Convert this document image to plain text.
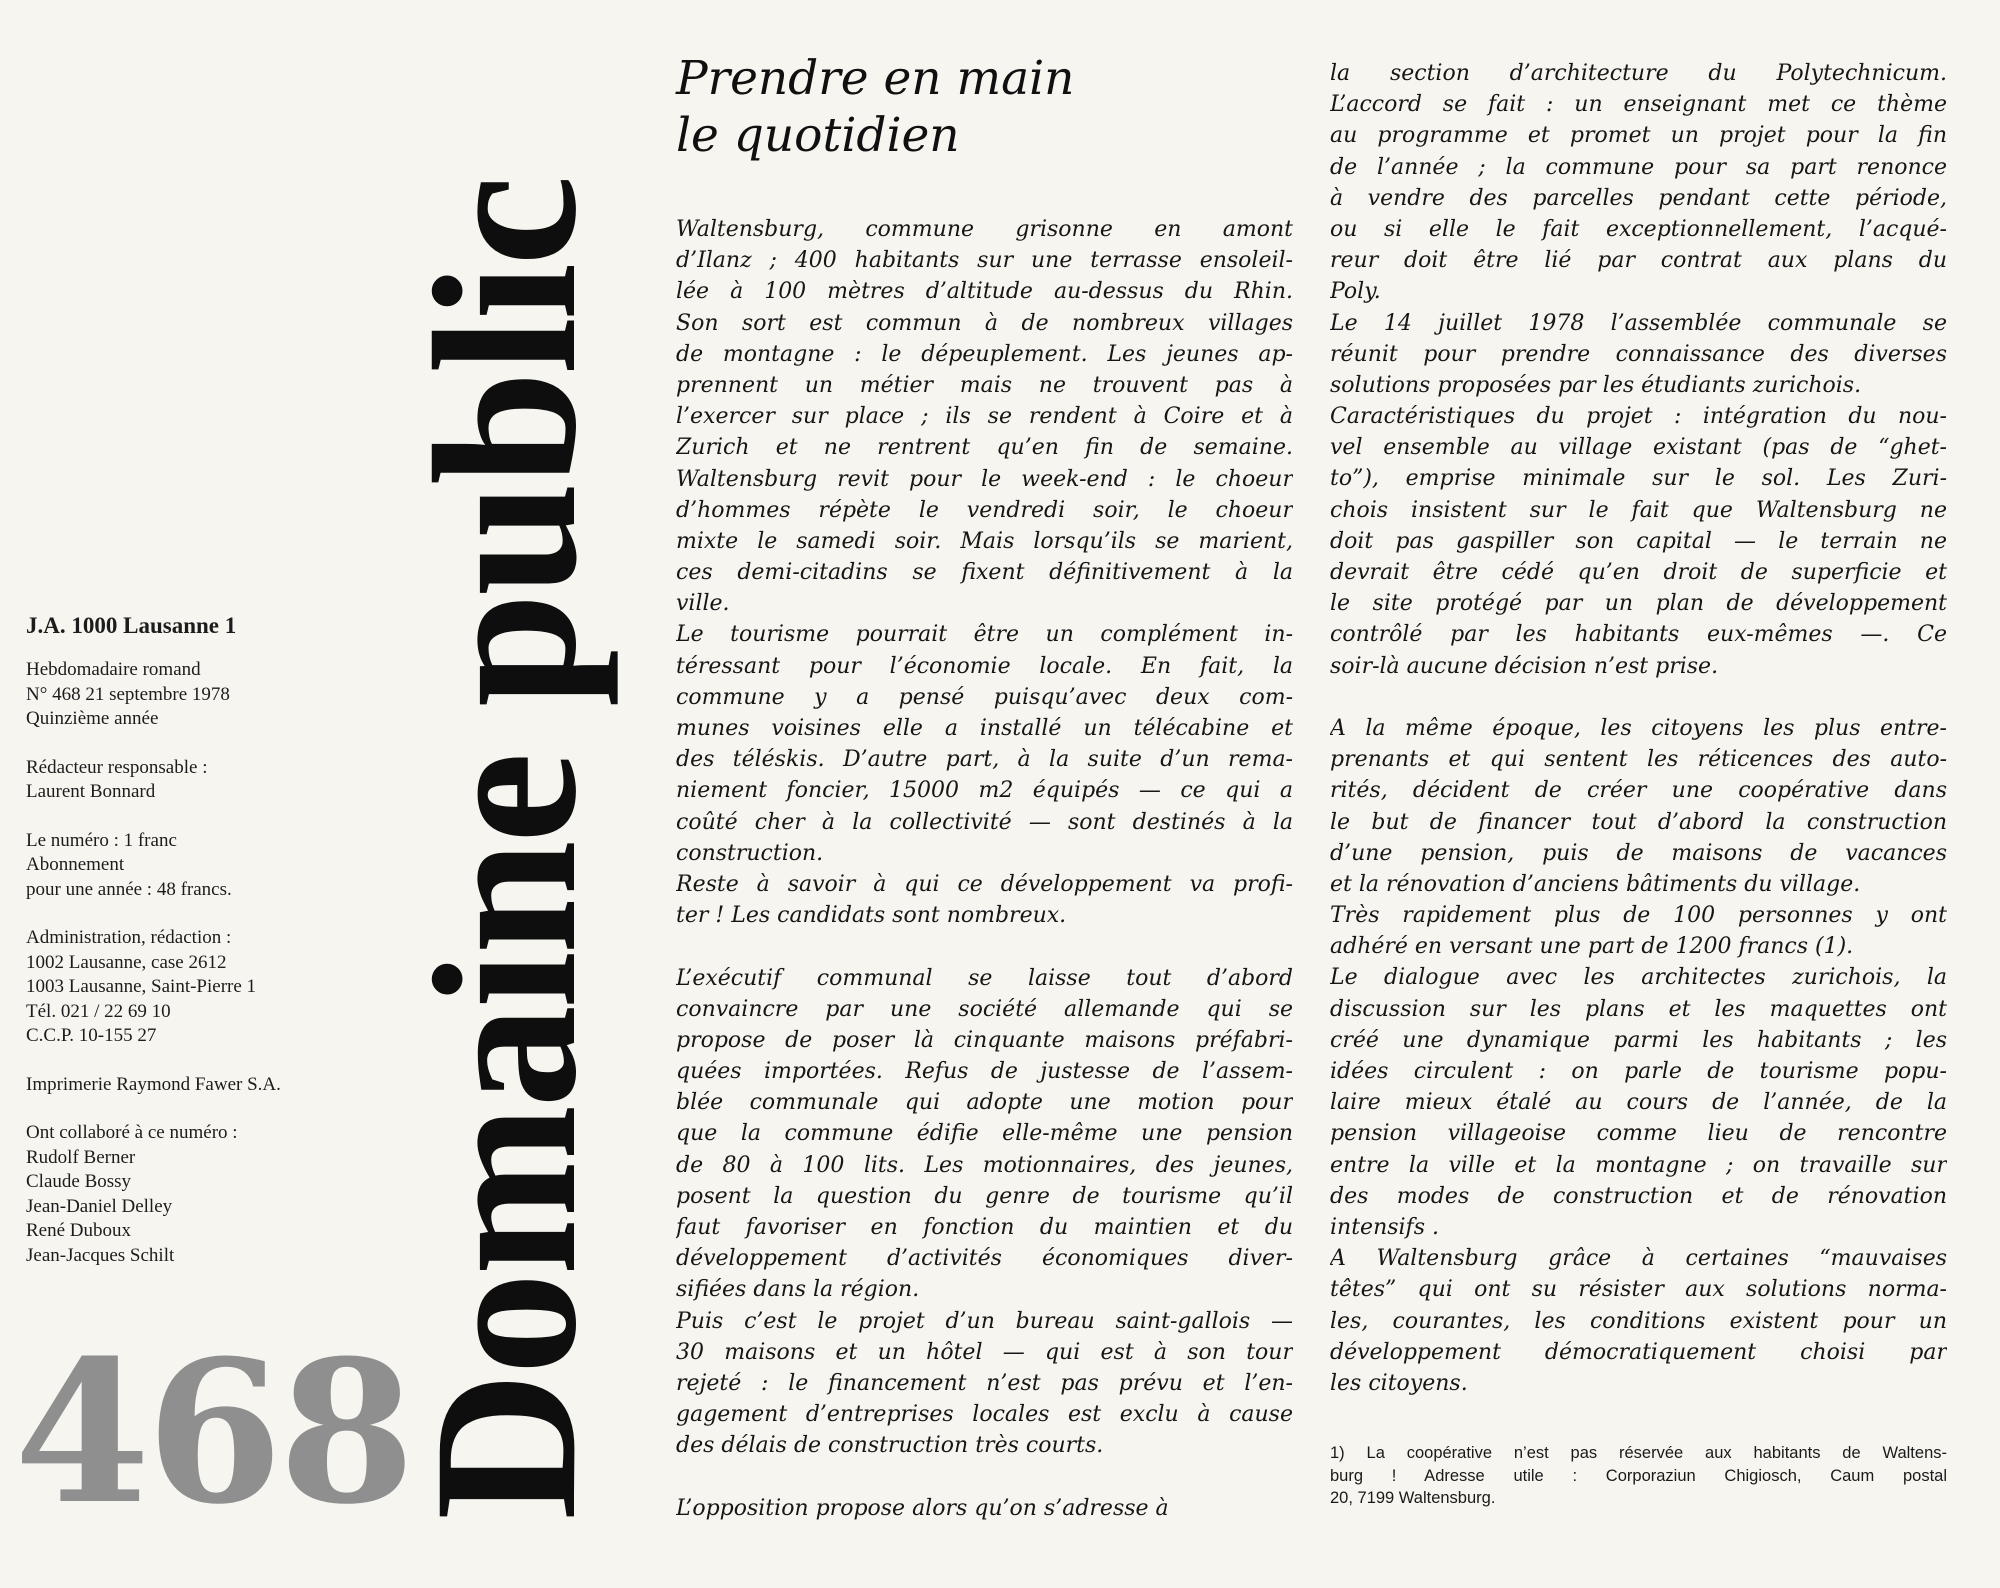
J.A. 1000 Lausanne 1
Hebdomadaire romand
N° 468 21 septembre 1978
Quinzième année
Rédacteur responsable :
Laurent Bonnard
Le numéro : 1 franc
Abonnement
pour une année : 48 francs.
Administration, rédaction :
1002 Lausanne, case 2612
1003 Lausanne, Saint-Pierre 1
Tél. 021 / 22 69 10
C.C.P. 10-155 27
Imprimerie Raymond Fawer S.A.
Ont collaboré à ce numéro :
Rudolf Berner
Claude Bossy
Jean-Daniel Delley
René Duboux
Jean-Jacques Schilt
468
Domaine public
Prendre en main
le quotidien
Waltensburg, commune grisonne en amont
d’Ilanz ; 400 habitants sur une terrasse ensoleil-
lée à 100 mètres d’altitude au-dessus du Rhin.
Son sort est commun à de nombreux villages
de montagne : le dépeuplement. Les jeunes ap-
prennent un métier mais ne trouvent pas à
l’exercer sur place ; ils se rendent à Coire et à
Zurich et ne rentrent qu’en fin de semaine.
Waltensburg revit pour le week-end : le choeur
d’hommes répète le vendredi soir, le choeur
mixte le samedi soir. Mais lorsqu’ils se marient,
ces demi-citadins se fixent définitivement à la
ville.
Le tourisme pourrait être un complément in-
téressant pour l’économie locale. En fait, la
commune y a pensé puisqu’avec deux com-
munes voisines elle a installé un télécabine et
des téléskis. D’autre part, à la suite d’un rema-
niement foncier, 15000 m2 équipés — ce qui a
coûté cher à la collectivité — sont destinés à la
construction.
Reste à savoir à qui ce développement va profi-
ter ! Les candidats sont nombreux.
L’exécutif communal se laisse tout d’abord
convaincre par une société allemande qui se
propose de poser là cinquante maisons préfabri-
quées importées. Refus de justesse de l’assem-
blée communale qui adopte une motion pour
que la commune édifie elle-même une pension
de 80 à 100 lits. Les motionnaires, des jeunes,
posent la question du genre de tourisme qu’il
faut favoriser en fonction du maintien et du
développement d’activités économiques diver-
sifiées dans la région.
Puis c’est le projet d’un bureau saint-gallois —
30 maisons et un hôtel — qui est à son tour
rejeté : le financement n’est pas prévu et l’en-
gagement d’entreprises locales est exclu à cause
des délais de construction très courts.
L’opposition propose alors qu’on s’adresse à
la section d’architecture du Polytechnicum.
L’accord se fait : un enseignant met ce thème
au programme et promet un projet pour la fin
de l’année ; la commune pour sa part renonce
à vendre des parcelles pendant cette période,
ou si elle le fait exceptionnellement, l’acqué-
reur doit être lié par contrat aux plans du
Poly.
Le 14 juillet 1978 l’assemblée communale se
réunit pour prendre connaissance des diverses
solutions proposées par les étudiants zurichois.
Caractéristiques du projet : intégration du nou-
vel ensemble au village existant (pas de “ghet-
to”), emprise minimale sur le sol. Les Zuri-
chois insistent sur le fait que Waltensburg ne
doit pas gaspiller son capital — le terrain ne
devrait être cédé qu’en droit de superficie et
le site protégé par un plan de développement
contrôlé par les habitants eux-mêmes —. Ce
soir-là aucune décision n’est prise.
A la même époque, les citoyens les plus entre-
prenants et qui sentent les réticences des auto-
rités, décident de créer une coopérative dans
le but de financer tout d’abord la construction
d’une pension, puis de maisons de vacances
et la rénovation d’anciens bâtiments du village.
Très rapidement plus de 100 personnes y ont
adhéré en versant une part de 1200 francs (1).
Le dialogue avec les architectes zurichois, la
discussion sur les plans et les maquettes ont
créé une dynamique parmi les habitants ; les
idées circulent : on parle de tourisme popu-
laire mieux étalé au cours de l’année, de la
pension villageoise comme lieu de rencontre
entre la ville et la montagne ; on travaille sur
des modes de construction et de rénovation
intensifs .
A Waltensburg grâce à certaines “mauvaises
têtes” qui ont su résister aux solutions norma-
les, courantes, les conditions existent pour un
développement démocratiquement choisi par
les citoyens.
1) La coopérative n’est pas réservée aux habitants de Waltens-
burg ! Adresse utile : Corporaziun Chigiosch, Caum postal
20, 7199 Waltensburg.
